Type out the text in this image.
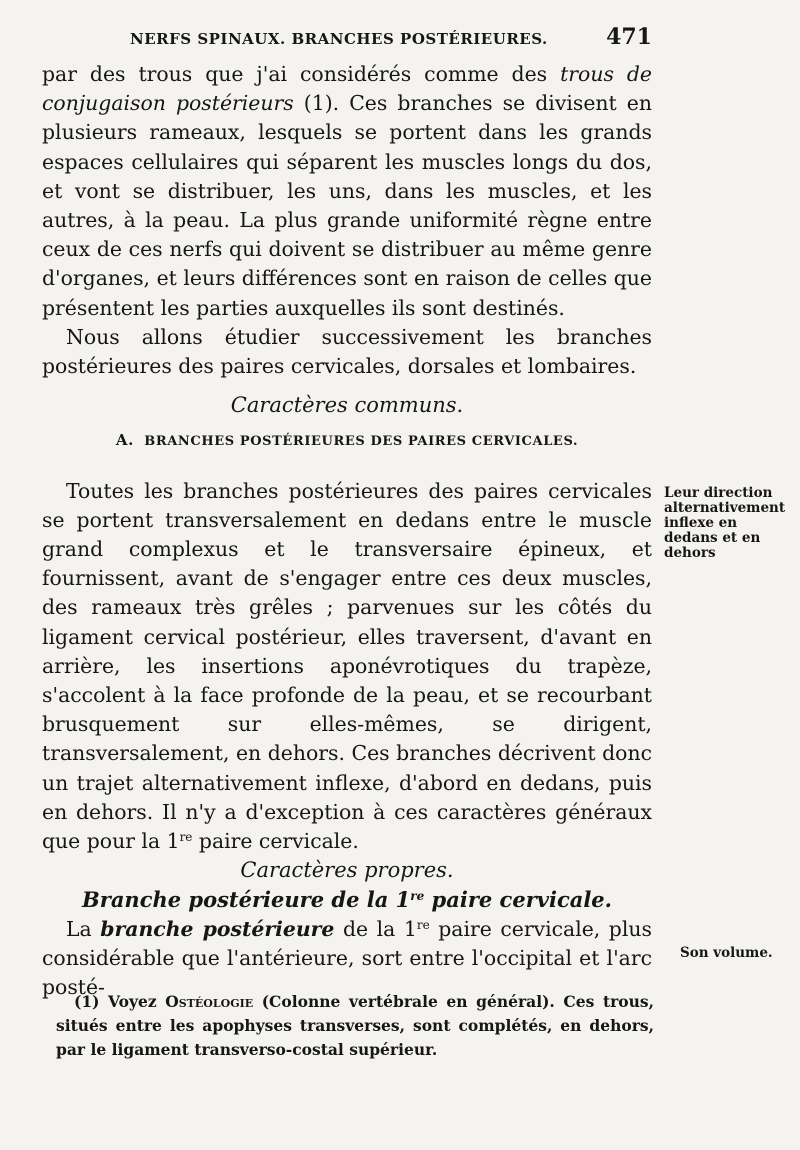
NERFS SPINAUX. BRANCHES POSTÉRIEURES.	471

par des trous que j'ai considérés comme des trous de conjugaison postérieurs (1). Ces branches se divisent en plusieurs rameaux, lesquels se portent dans les grands espaces cellulaires qui séparent les muscles longs du dos, et vont se distribuer, les uns, dans les muscles, et les autres, à la peau. La plus grande uniformité règne entre ceux de ces nerfs qui doivent se distribuer au même genre d'organes, et leurs différences sont en raison de celles que présentent les parties auxquelles ils sont destinés.

Nous allons étudier successivement les branches postérieures des paires cervicales, dorsales et lombaires.

Caractères communs.

A. BRANCHES POSTÉRIEURES DES PAIRES CERVICALES.

Toutes les branches postérieures des paires cervicales se portent transversalement en dedans entre le muscle grand complexus et le transversaire épineux, et fournissent, avant de s'engager entre ces deux muscles, des rameaux très grêles ; parvenues sur les côtés du ligament cervical postérieur, elles traversent, d'avant en arrière, les insertions aponévrotiques du trapèze, s'accolent à la face profonde de la peau, et se recourbant brusquement sur elles-mêmes, se dirigent, transversalement, en dehors. Ces branches décrivent donc un trajet alternativement inflexe, d'abord en dedans, puis en dehors. Il n'y a d'exception à ces caractères généraux que pour la 1re paire cervicale.

Caractères propres.

Branche postérieure de la 1re paire cervicale.

La branche postérieure de la 1re paire cervicale, plus considérable que l'antérieure, sort entre l'occipital et l'arc posté-

Leur direction alternativement inflexe en dedans et en dehors
Son volume.
(1) Voyez Ostéologie (Colonne vertébrale en général). Ces trous, situés entre les apophyses transverses, sont complétés, en dehors, par le ligament transverso-costal supérieur.
